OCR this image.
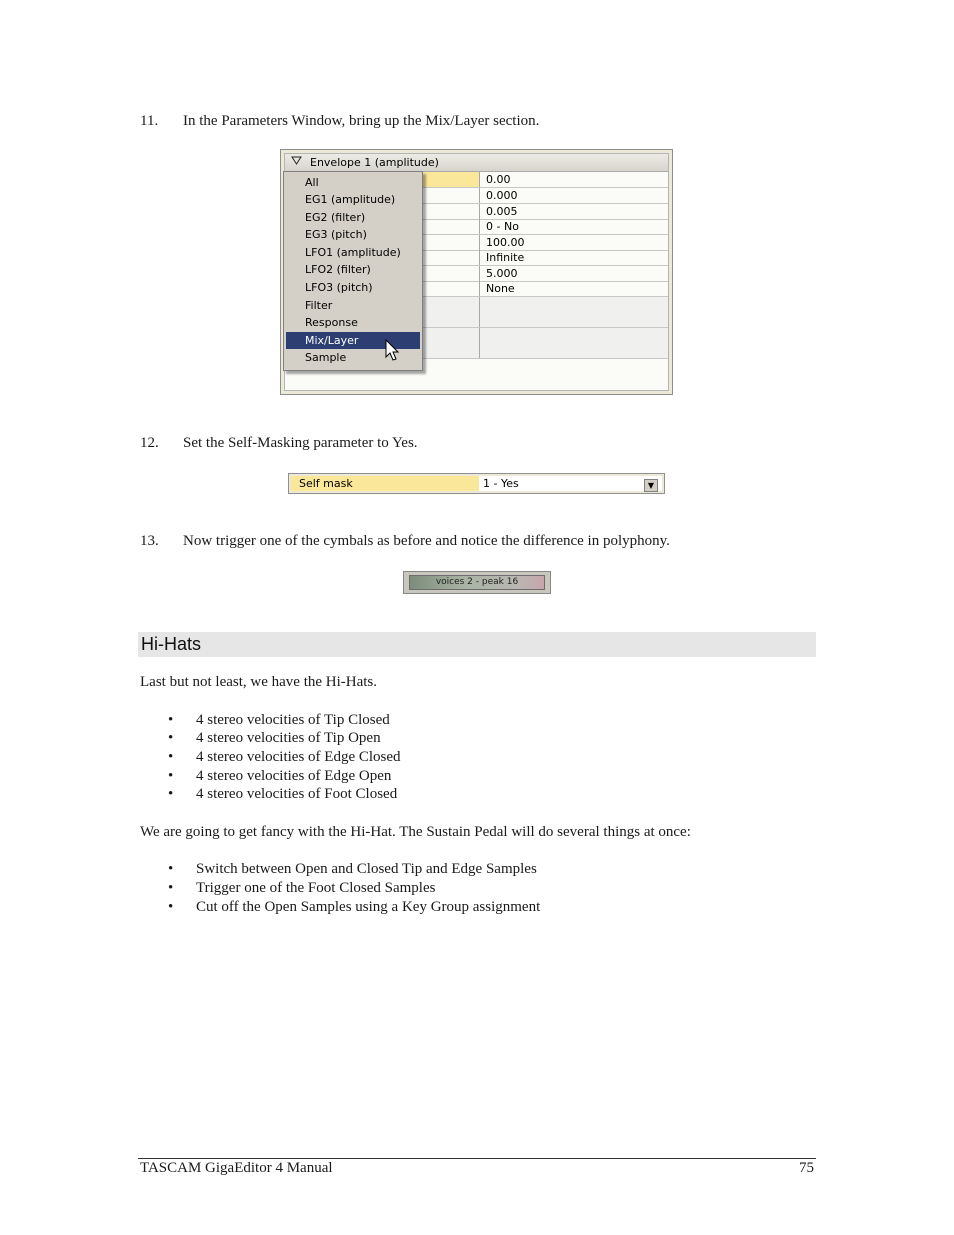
11. In the Parameters Window, bring up the Mix/Layer section.
Envelope 1 (amplitude)
0.00
0.000
0.005
0 - No
100.00
Infinite
5.000
None
All
EG1 (amplitude)
EG2 (filter)
EG3 (pitch)
LFO1 (amplitude)
LFO2 (filter)
LFO3 (pitch)
Filter
Response
Mix/Layer
Sample
12. Set the Self-Masking parameter to Yes.
Self mask	1 - Yes	▼
13. Now trigger one of the cymbals as before and notice the difference in polyphony.
voices 2 - peak 16
Hi-Hats
Last but not least, we have the Hi-Hats.
• 4 stereo velocities of Tip Closed
• 4 stereo velocities of Tip Open
• 4 stereo velocities of Edge Closed
• 4 stereo velocities of Edge Open
• 4 stereo velocities of Foot Closed
We are going to get fancy with the Hi-Hat. The Sustain Pedal will do several things at once:
• Switch between Open and Closed Tip and Edge Samples
• Trigger one of the Foot Closed Samples
• Cut off the Open Samples using a Key Group assignment
TASCAM GigaEditor 4 Manual	75
